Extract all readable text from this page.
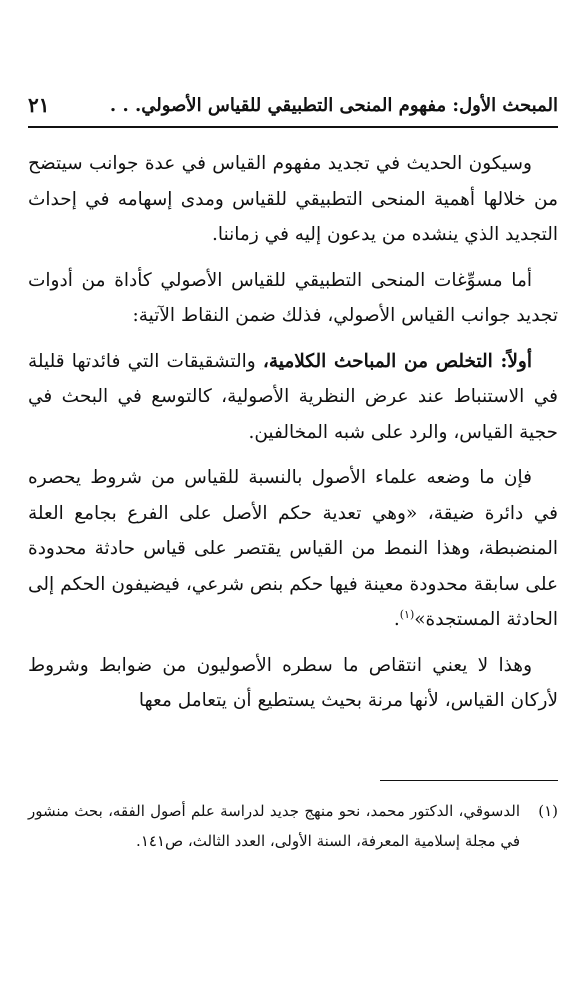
المبحث الأول: مفهوم المنحى التطبيقي للقياس الأصولي. . .
٢١

وسيكون الحديث في تجديد مفهوم القياس في عدة جوانب سيتضح من خلالها أهمية المنحى التطبيقي للقياس ومدى إسهامه في إحداث التجديد الذي ينشده من يدعون إليه في زماننا.

أما مسوِّغات المنحى التطبيقي للقياس الأصولي كأداة من أدوات تجديد جوانب القياس الأصولي، فذلك ضمن النقاط الآتية:

أولاً: التخلص من المباحث الكلامية، والتشقيقات التي فائدتها قليلة في الاستنباط عند عرض النظرية الأصولية، كالتوسع في البحث في حجية القياس، والرد على شبه المخالفين.

فإن ما وضعه علماء الأصول بالنسبة للقياس من شروط يحصره في دائرة ضيقة، «وهي تعدية حكم الأصل على الفرع بجامع العلة المنضبطة، وهذا النمط من القياس يقتصر على قياس حادثة محدودة على سابقة محدودة معينة فيها حكم بنص شرعي، فيضيفون الحكم إلى الحادثة المستجدة»$^{(١)}$.

وهذا لا يعني انتقاص ما سطره الأصوليون من ضوابط وشروط لأركان القياس، لأنها مرنة بحيث يستطيع أن يتعامل معها

(١)
الدسوقي، الدكتور محمد، نحو منهج جديد لدراسة علم أصول الفقه، بحث منشور في مجلة إسلامية المعرفة، السنة الأولى، العدد الثالث، ص١٤١.
